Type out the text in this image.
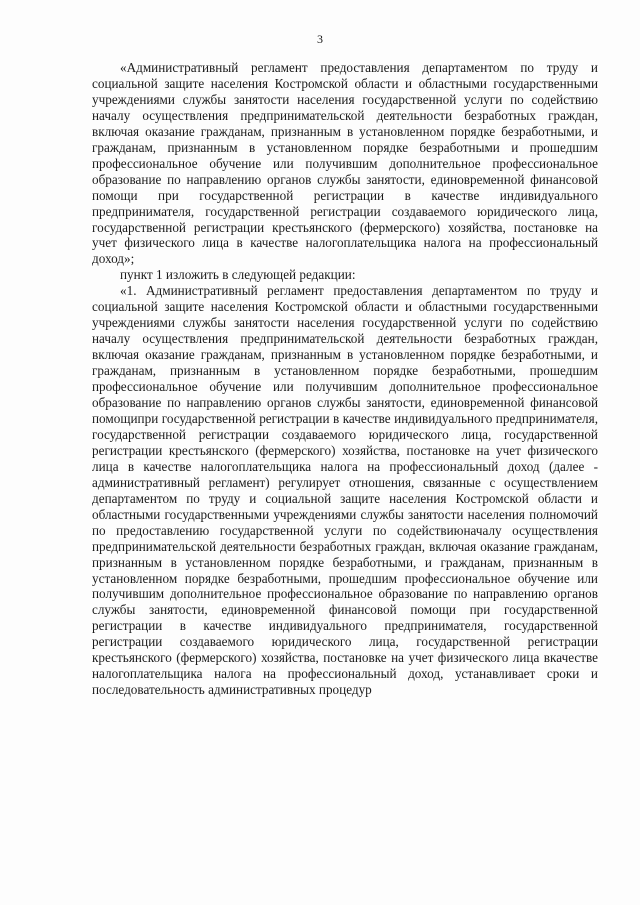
3

«Административный регламент предоставления департаментом по труду и социальной защите населения Костромской области и областными государственными учреждениями службы занятости населения государственной услуги по содействию началу осуществления предпринимательской деятельности безработных граждан, включая оказание гражданам, признанным в установленном порядке безработными, и гражданам, признанным в установленном порядке безработными и прошедшим профессиональное обучение или получившим дополнительное профессиональное образование по направлению органов службы занятости, единовременной финансовой помощи при государственной регистрации в качестве индивидуального предпринимателя, государственной регистрации создаваемого юридического лица, государственной регистрации крестьянского (фермерского) хозяйства, постановке на учет физического лица в качестве налогоплательщика налога на профессиональный доход»;

пункт 1 изложить в следующей редакции:

«1. Административный регламент предоставления департаментом по труду и социальной защите населения Костромской области и областными государственными учреждениями службы занятости населения государственной услуги по содействию началу осуществления предпринимательской деятельности безработных граждан, включая оказание гражданам, признанным в установленном порядке безработными, и гражданам, признанным в установленном порядке безработными, прошедшим профессиональное обучение или получившим дополнительное профессиональное образование по направлению органов службы занятости, единовременной финансовой помощипри государственной регистрации в качестве индивидуального предпринимателя, государственной регистрации создаваемого юридического лица, государственной регистрации крестьянского (фермерского) хозяйства, постановке на учет физического лица в качестве налогоплательщика налога на профессиональный доход (далее - административный регламент) регулирует отношения, связанные с осуществлением департаментом по труду и социальной защите населения Костромской области и областными государственными учреждениями службы занятости населения полномочий по предоставлению государственной услуги по содействиюначалу осуществления предпринимательской деятельности безработных граждан, включая оказание гражданам, признанным в установленном порядке безработными, и гражданам, признанным в установленном порядке безработными, прошедшим профессиональное обучение или получившим дополнительное профессиональное образование по направлению органов службы занятости, единовременной финансовой помощи при государственной регистрации в качестве индивидуального предпринимателя, государственной регистрации создаваемого юридического лица, государственной регистрации крестьянского (фермерского) хозяйства, постановке на учет физического лица вкачестве налогоплательщика налога на профессиональный доход, устанавливает сроки и последовательность административных процедур
